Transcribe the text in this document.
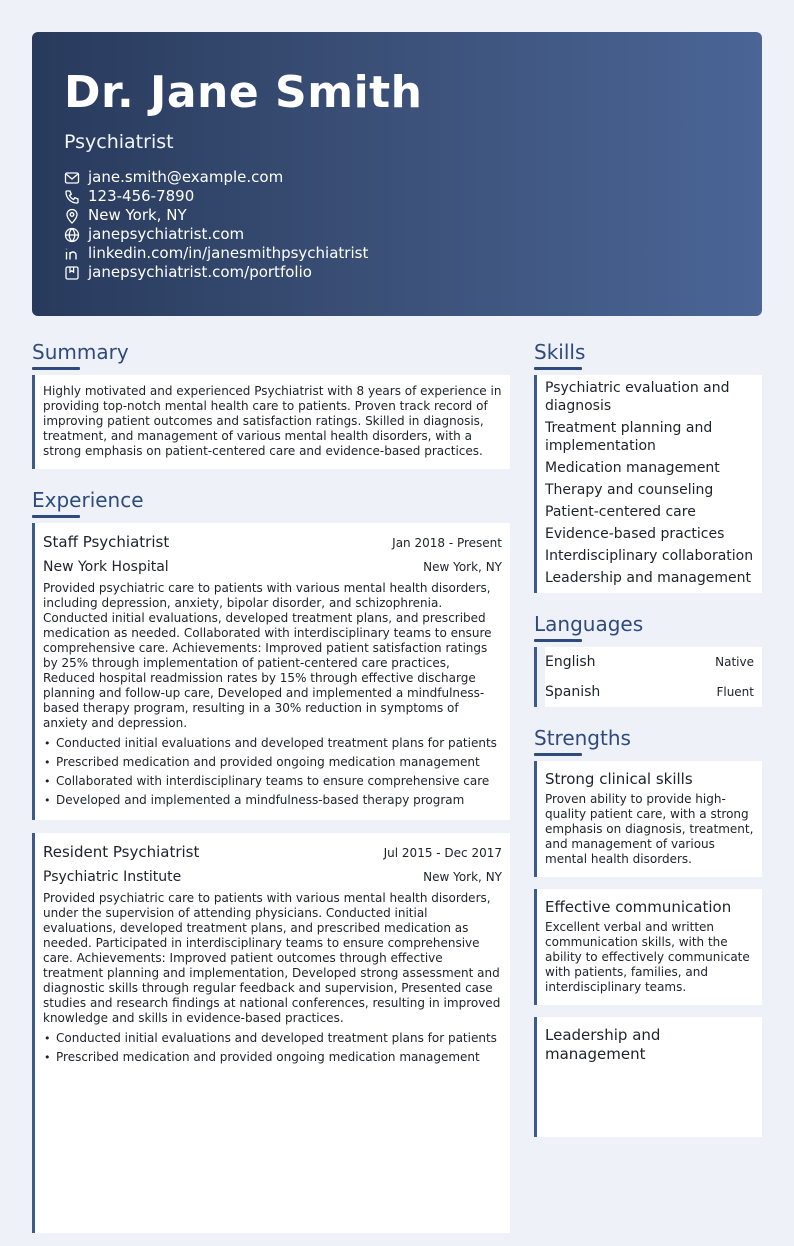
Dr. Jane Smith
Psychiatrist
jane.smith@example.com
123-456-7890
New York, NY
janepsychiatrist.com
linkedin.com/in/janesmithpsychiatrist
janepsychiatrist.com/portfolio
Summary
Highly motivated and experienced Psychiatrist with 8 years of experience in providing top-notch mental health care to patients. Proven track record of improving patient outcomes and satisfaction ratings. Skilled in diagnosis, treatment, and management of various mental health disorders, with a strong emphasis on patient-centered care and evidence-based practices.
Experience
Staff Psychiatrist	Jan 2018 - Present
New York Hospital	New York, NY
Provided psychiatric care to patients with various mental health disorders, including depression, anxiety, bipolar disorder, and schizophrenia. Conducted initial evaluations, developed treatment plans, and prescribed medication as needed. Collaborated with interdisciplinary teams to ensure comprehensive care. Achievements: Improved patient satisfaction ratings by 25% through implementation of patient-centered care practices, Reduced hospital readmission rates by 15% through effective discharge planning and follow-up care, Developed and implemented a mindfulness-based therapy program, resulting in a 30% reduction in symptoms of anxiety and depression.
• Conducted initial evaluations and developed treatment plans for patients
• Prescribed medication and provided ongoing medication management
• Collaborated with interdisciplinary teams to ensure comprehensive care
• Developed and implemented a mindfulness-based therapy program
Resident Psychiatrist	Jul 2015 - Dec 2017
Psychiatric Institute	New York, NY
Provided psychiatric care to patients with various mental health disorders, under the supervision of attending physicians. Conducted initial evaluations, developed treatment plans, and prescribed medication as needed. Participated in interdisciplinary teams to ensure comprehensive care. Achievements: Improved patient outcomes through effective treatment planning and implementation, Developed strong assessment and diagnostic skills through regular feedback and supervision, Presented case studies and research findings at national conferences, resulting in improved knowledge and skills in evidence-based practices.
• Conducted initial evaluations and developed treatment plans for patients
• Prescribed medication and provided ongoing medication management
Skills
Psychiatric evaluation and diagnosis
Treatment planning and implementation
Medication management
Therapy and counseling
Patient-centered care
Evidence-based practices
Interdisciplinary collaboration
Leadership and management
Languages
English	Native
Spanish	Fluent
Strengths
Strong clinical skills
Proven ability to provide high-quality patient care, with a strong emphasis on diagnosis, treatment, and management of various mental health disorders.
Effective communication
Excellent verbal and written communication skills, with the ability to effectively communicate with patients, families, and interdisciplinary teams.
Leadership and management
